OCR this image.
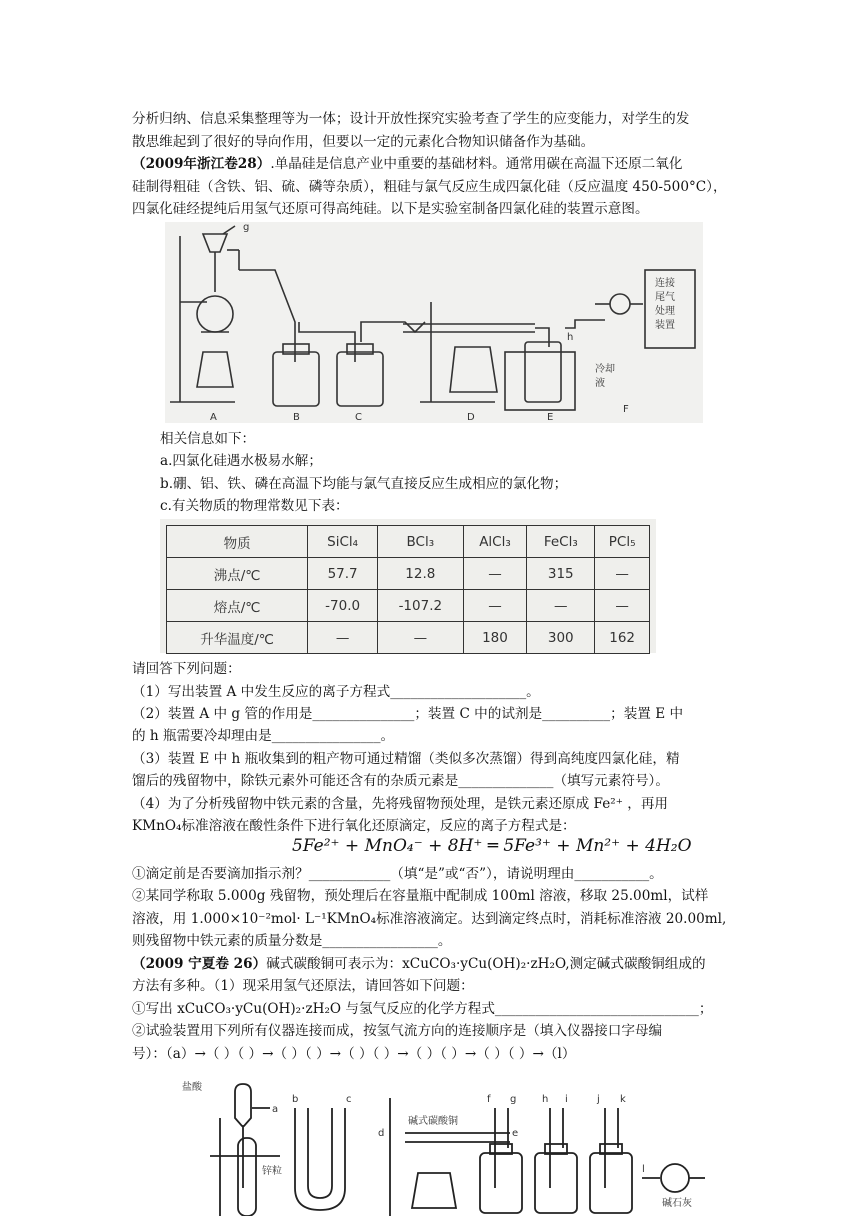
分析归纳、信息采集整理等为一体；设计开放性探究实验考查了学生的应变能力，对学生的发
散思维起到了很好的导向作用，但要以一定的元素化合物知识储备作为基础。
（2009年浙江卷28）.单晶硅是信息产业中重要的基础材料。通常用碳在高温下还原二氧化
硅制得粗硅（含铁、铝、硫、磷等杂质），粗硅与氯气反应生成四氯化硅（反应温度 450-500°C），
四氯化硅经提纯后用氢气还原可得高纯硅。以下是实验室制备四氯化硅的装置示意图。
g
h
连接
尾气
处理
装置
冷却
液
A	B	C	D	E
F
相关信息如下：
a.四氯化硅遇水极易水解；
b.硼、铝、铁、磷在高温下均能与氯气直接反应生成相应的氯化物；
c.有关物质的物理常数见下表：
物质	SiCl₄	BCl₃	AlCl₃	FeCl₃	PCl₅
沸点/℃	57.7	12.8	—	315	—
熔点/℃	-70.0	-107.2	—	—	—
升华温度/℃	—	—	180	300	162
请回答下列问题：
（1）写出装置 A 中发生反应的离子方程式____________________。
（2）装置 A 中 g 管的作用是_______________；装置 C 中的试剂是__________；装置 E 中
的 h 瓶需要冷却理由是________________。
（3）装置 E 中 h 瓶收集到的粗产物可通过精馏（类似多次蒸馏）得到高纯度四氯化硅，精
馏后的残留物中，除铁元素外可能还含有的杂质元素是______________（填写元素符号）。
（4）为了分析残留物中铁元素的含量，先将残留物预处理，是铁元素还原成 Fe²⁺ ，再用
KMnO₄标准溶液在酸性条件下进行氧化还原滴定，反应的离子方程式是：
5Fe²⁺ + MnO₄⁻ + 8H⁺ ═ 5Fe³⁺ + Mn²⁺ + 4H₂O
①滴定前是否要滴加指示剂？____________（填“是”或“否”），请说明理由___________。
②某同学称取 5.000g 残留物，预处理后在容量瓶中配制成 100ml 溶液，移取 25.00ml，试样
溶液，用 1.000×10⁻²mol· L⁻¹KMnO₄标准溶液滴定。达到滴定终点时，消耗标准溶液 20.00ml,
则残留物中铁元素的质量分数是_________________。
（2009 宁夏卷 26）碱式碳酸铜可表示为：xCuCO₃·yCu(OH)₂·zH₂O,测定碱式碳酸铜组成的
方法有多种。（1）现采用氢气还原法，请回答如下问题：
①写出 xCuCO₃·yCu(OH)₂·zH₂O 与氢气反应的化学方程式______________________________；
②试验装置用下列所有仪器连接而成，按氢气流方向的连接顺序是（填入仪器接口字母编
号）：（a）→（ ）（ ）→（ ）（ ）→（ ）（ ）→（ ）（ ）→（ ）（ ）→（l）
盐酸
锌粒
碱式碳酸铜
碱石灰
a
b	c
d	e
f g	h i	j k
l
